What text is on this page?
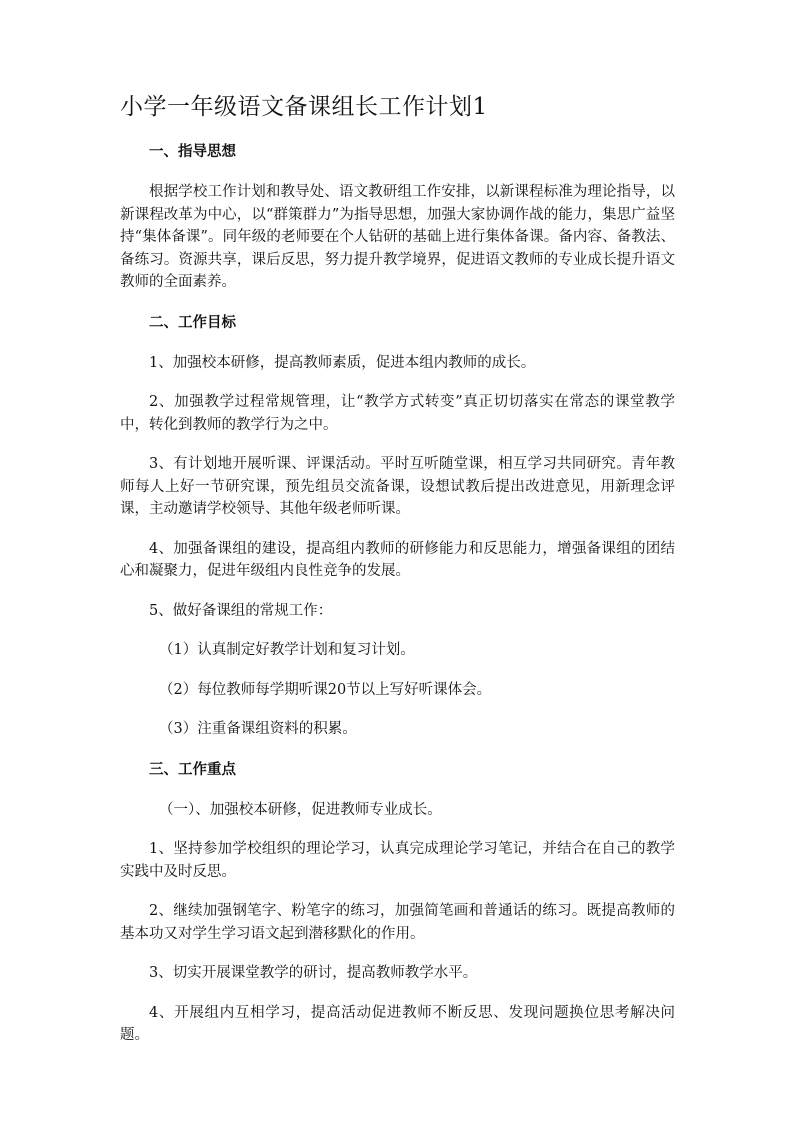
小学一年级语文备课组长工作计划1
一、指导思想

根据学校工作计划和教导处、语文教研组工作安排，以新课程标准为理论指导，以新课程改革为中心，以“群策群力”为指导思想，加强大家协调作战的能力，集思广益坚持“集体备课”。同年级的老师要在个人钻研的基础上进行集体备课。备内容、备教法、备练习。资源共享，课后反思，努力提升教学境界，促进语文教师的专业成长提升语文教师的全面素养。

二、工作目标

1、加强校本研修，提高教师素质，促进本组内教师的成长。

2、加强教学过程常规管理，让“教学方式转变”真正切切落实在常态的课堂教学中，转化到教师的教学行为之中。

3、有计划地开展听课、评课活动。平时互听随堂课，相互学习共同研究。青年教师每人上好一节研究课，预先组员交流备课，设想试教后提出改进意见，用新理念评课，主动邀请学校领导、其他年级老师听课。

4、加强备课组的建设，提高组内教师的研修能力和反思能力，增强备课组的团结心和凝聚力，促进年级组内良性竞争的发展。

5、做好备课组的常规工作：

（1）认真制定好教学计划和复习计划。

（2）每位教师每学期听课20节以上写好听课体会。

（3）注重备课组资料的积累。

三、工作重点

（一）、加强校本研修，促进教师专业成长。

1、坚持参加学校组织的理论学习，认真完成理论学习笔记，并结合在自己的教学实践中及时反思。

2、继续加强钢笔字、粉笔字的练习，加强简笔画和普通话的练习。既提高教师的基本功又对学生学习语文起到潜移默化的作用。

3、切实开展课堂教学的研讨，提高教师教学水平。

4、开展组内互相学习，提高活动促进教师不断反思、发现问题换位思考解决问题。
